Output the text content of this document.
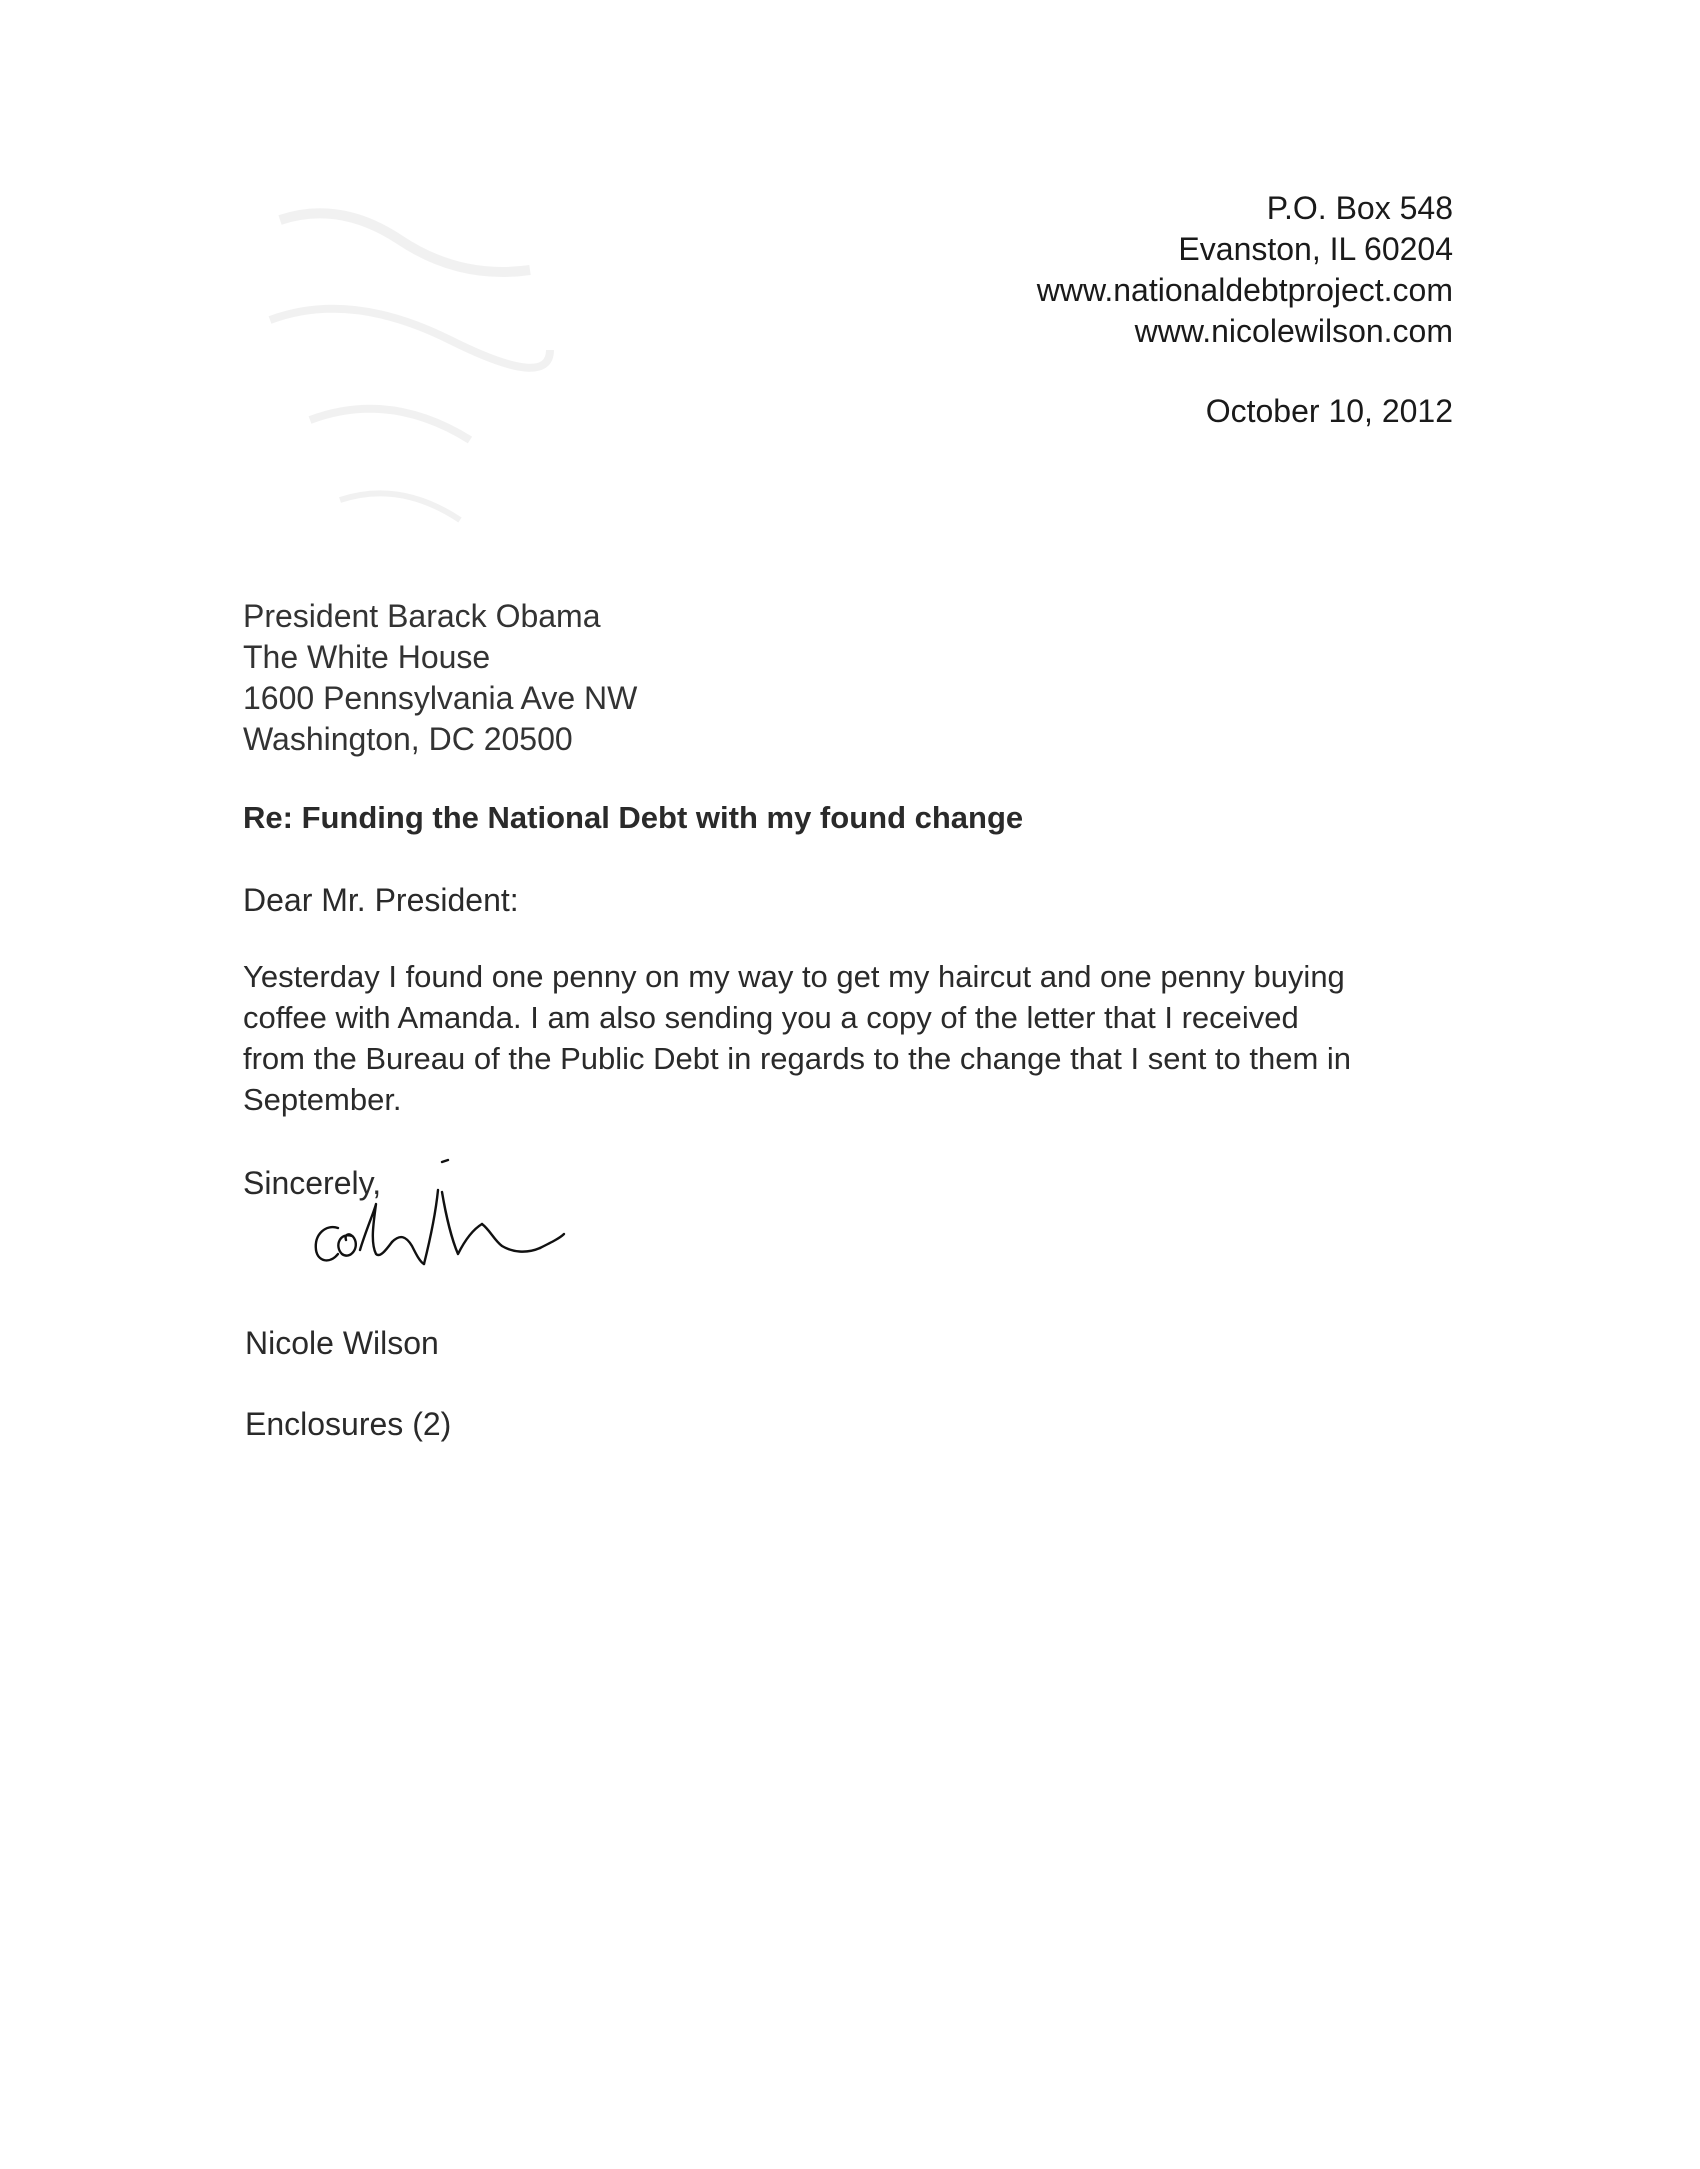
P.O. Box 548
Evanston, IL 60204
www.nationaldebtproject.com
www.nicolewilson.com
October 10, 2012
President Barack Obama
The White House
1600 Pennsylvania Ave NW
Washington, DC 20500
Re: Funding the National Debt with my found change
Dear Mr. President:
Yesterday I found one penny on my way to get my haircut and one penny buying
coffee with Amanda. I am also sending you a copy of the letter that I received
from the Bureau of the Public Debt in regards to the change that I sent to them in
September.
Sincerely,
Nicole Wilson
Enclosures (2)
